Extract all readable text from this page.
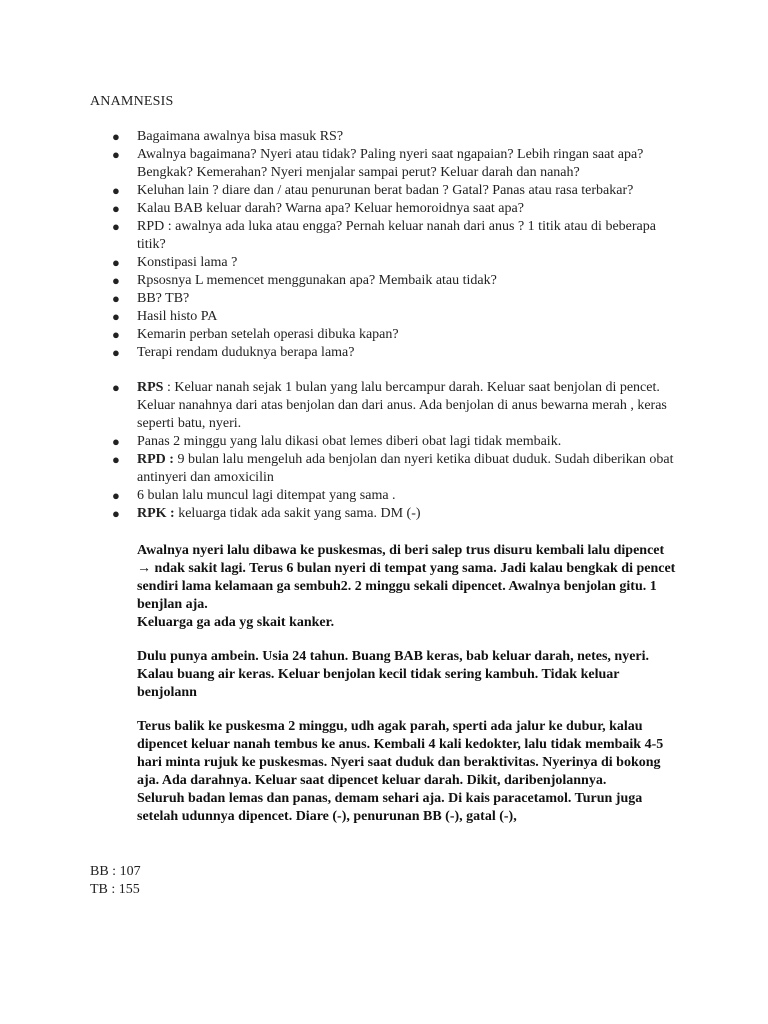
ANAMNESIS
● Bagaimana awalnya bisa masuk RS?
● Awalnya bagaimana? Nyeri atau tidak? Paling nyeri saat ngapaian? Lebih ringan saat apa? Bengkak? Kemerahan? Nyeri menjalar sampai perut? Keluar darah dan nanah?
● Keluhan lain ? diare dan / atau penurunan berat badan ? Gatal? Panas atau rasa terbakar?
● Kalau BAB keluar darah? Warna apa? Keluar hemoroidnya saat apa?
● RPD : awalnya ada luka atau engga? Pernah keluar nanah dari anus ? 1 titik atau di beberapa titik?
● Konstipasi lama ?
● Rpsosnya L memencet menggunakan apa? Membaik atau tidak?
● BB? TB?
● Hasil histo PA
● Kemarin perban setelah operasi dibuka kapan?
● Terapi rendam duduknya berapa lama?
● RPS : Keluar nanah sejak 1 bulan yang lalu bercampur darah. Keluar saat benjolan di pencet. Keluar nanahnya dari atas benjolan dan dari anus. Ada benjolan di anus bewarna merah , keras seperti batu, nyeri.
● Panas 2 minggu yang lalu dikasi obat lemes diberi obat lagi tidak membaik.
● RPD : 9 bulan lalu mengeluh ada benjolan dan nyeri ketika dibuat duduk. Sudah diberikan obat antinyeri dan amoxicilin
● 6 bulan lalu muncul lagi ditempat yang sama .
● RPK : keluarga tidak ada sakit yang sama. DM (-)

Awalnya nyeri lalu dibawa ke puskesmas, di beri salep trus disuru kembali lalu dipencet → ndak sakit lagi. Terus 6 bulan nyeri di tempat yang sama. Jadi kalau bengkak di pencet sendiri lama kelamaan ga sembuh2. 2 minggu sekali dipencet. Awalnya benjolan gitu. 1 benjlan aja.
Keluarga ga ada yg skait kanker.

Dulu punya ambein. Usia 24 tahun. Buang BAB keras, bab keluar darah, netes, nyeri. Kalau buang air keras. Keluar benjolan kecil tidak sering kambuh. Tidak keluar benjolann

Terus balik ke puskesma 2 minggu, udh agak parah, sperti ada jalur ke dubur, kalau dipencet keluar nanah tembus ke anus. Kembali 4 kali kedokter, lalu tidak membaik 4-5 hari minta rujuk ke puskesmas. Nyeri saat duduk dan beraktivitas. Nyerinya di bokong aja. Ada darahnya. Keluar saat dipencet keluar darah. Dikit, daribenjolannya.
Seluruh badan lemas dan panas, demam sehari aja. Di kais paracetamol. Turun juga setelah udunnya dipencet. Diare (-), penurunan BB (-), gatal (-),

BB : 107
TB : 155
